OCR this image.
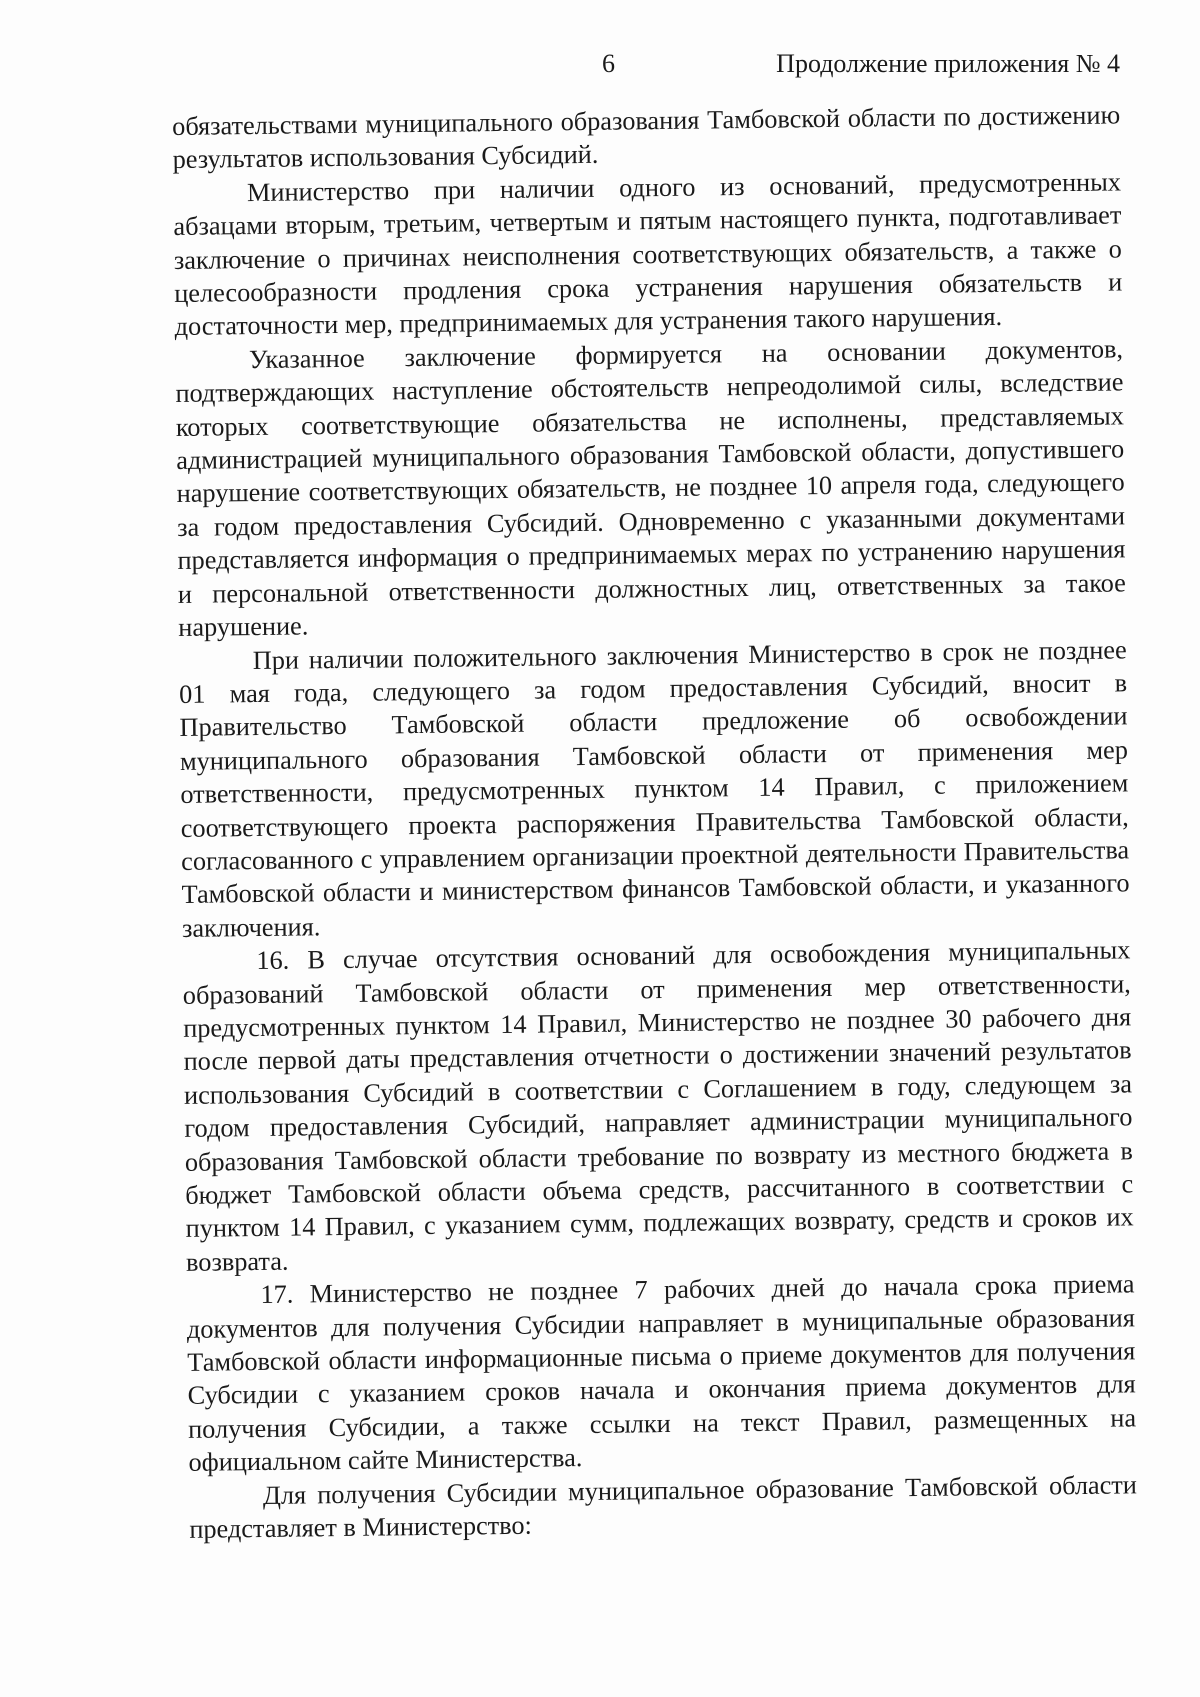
6	Продолжение приложения № 4

обязательствами муниципального образования Тамбовской области по достижению результатов использования Субсидий.

Министерство при наличии одного из оснований, предусмотренных абзацами вторым, третьим, четвертым и пятым настоящего пункта, подготавливает заключение о причинах неисполнения соответствующих обязательств, а также о целесообразности продления срока устранения нарушения обязательств и достаточности мер, предпринимаемых для устранения такого нарушения.

Указанное заключение формируется на основании документов, подтверждающих наступление обстоятельств непреодолимой силы, вследствие которых соответствующие обязательства не исполнены, представляемых администрацией муниципального образования Тамбовской области, допустившего нарушение соответствующих обязательств, не позднее 10 апреля года, следующего за годом предоставления Субсидий. Одновременно с указанными документами представляется информация о предпринимаемых мерах по устранению нарушения и персональной ответственности должностных лиц, ответственных за такое нарушение.

При наличии положительного заключения Министерство в срок не позднее 01 мая года, следующего за годом предоставления Субсидий, вносит в Правительство Тамбовской области предложение об освобождении муниципального образования Тамбовской области от применения мер ответственности, предусмотренных пунктом 14 Правил, с приложением соответствующего проекта распоряжения Правительства Тамбовской области, согласованного с управлением организации проектной деятельности Правительства Тамбовской области и министерством финансов Тамбовской области, и указанного заключения.

16. В случае отсутствия оснований для освобождения муниципальных образований Тамбовской области от применения мер ответственности, предусмотренных пунктом 14 Правил, Министерство не позднее 30 рабочего дня после первой даты представления отчетности о достижении значений результатов использования Субсидий в соответствии с Соглашением в году, следующем за годом предоставления Субсидий, направляет администрации муниципального образования Тамбовской области требование по возврату из местного бюджета в бюджет Тамбовской области объема средств, рассчитанного в соответствии с пунктом 14 Правил, с указанием сумм, подлежащих возврату, средств и сроков их возврата.

17. Министерство не позднее 7 рабочих дней до начала срока приема документов для получения Субсидии направляет в муниципальные образования Тамбовской области информационные письма о приеме документов для получения Субсидии с указанием сроков начала и окончания приема документов для получения Субсидии, а также ссылки на текст Правил, размещенных на официальном сайте Министерства.

Для получения Субсидии муниципальное образование Тамбовской области представляет в Министерство:
